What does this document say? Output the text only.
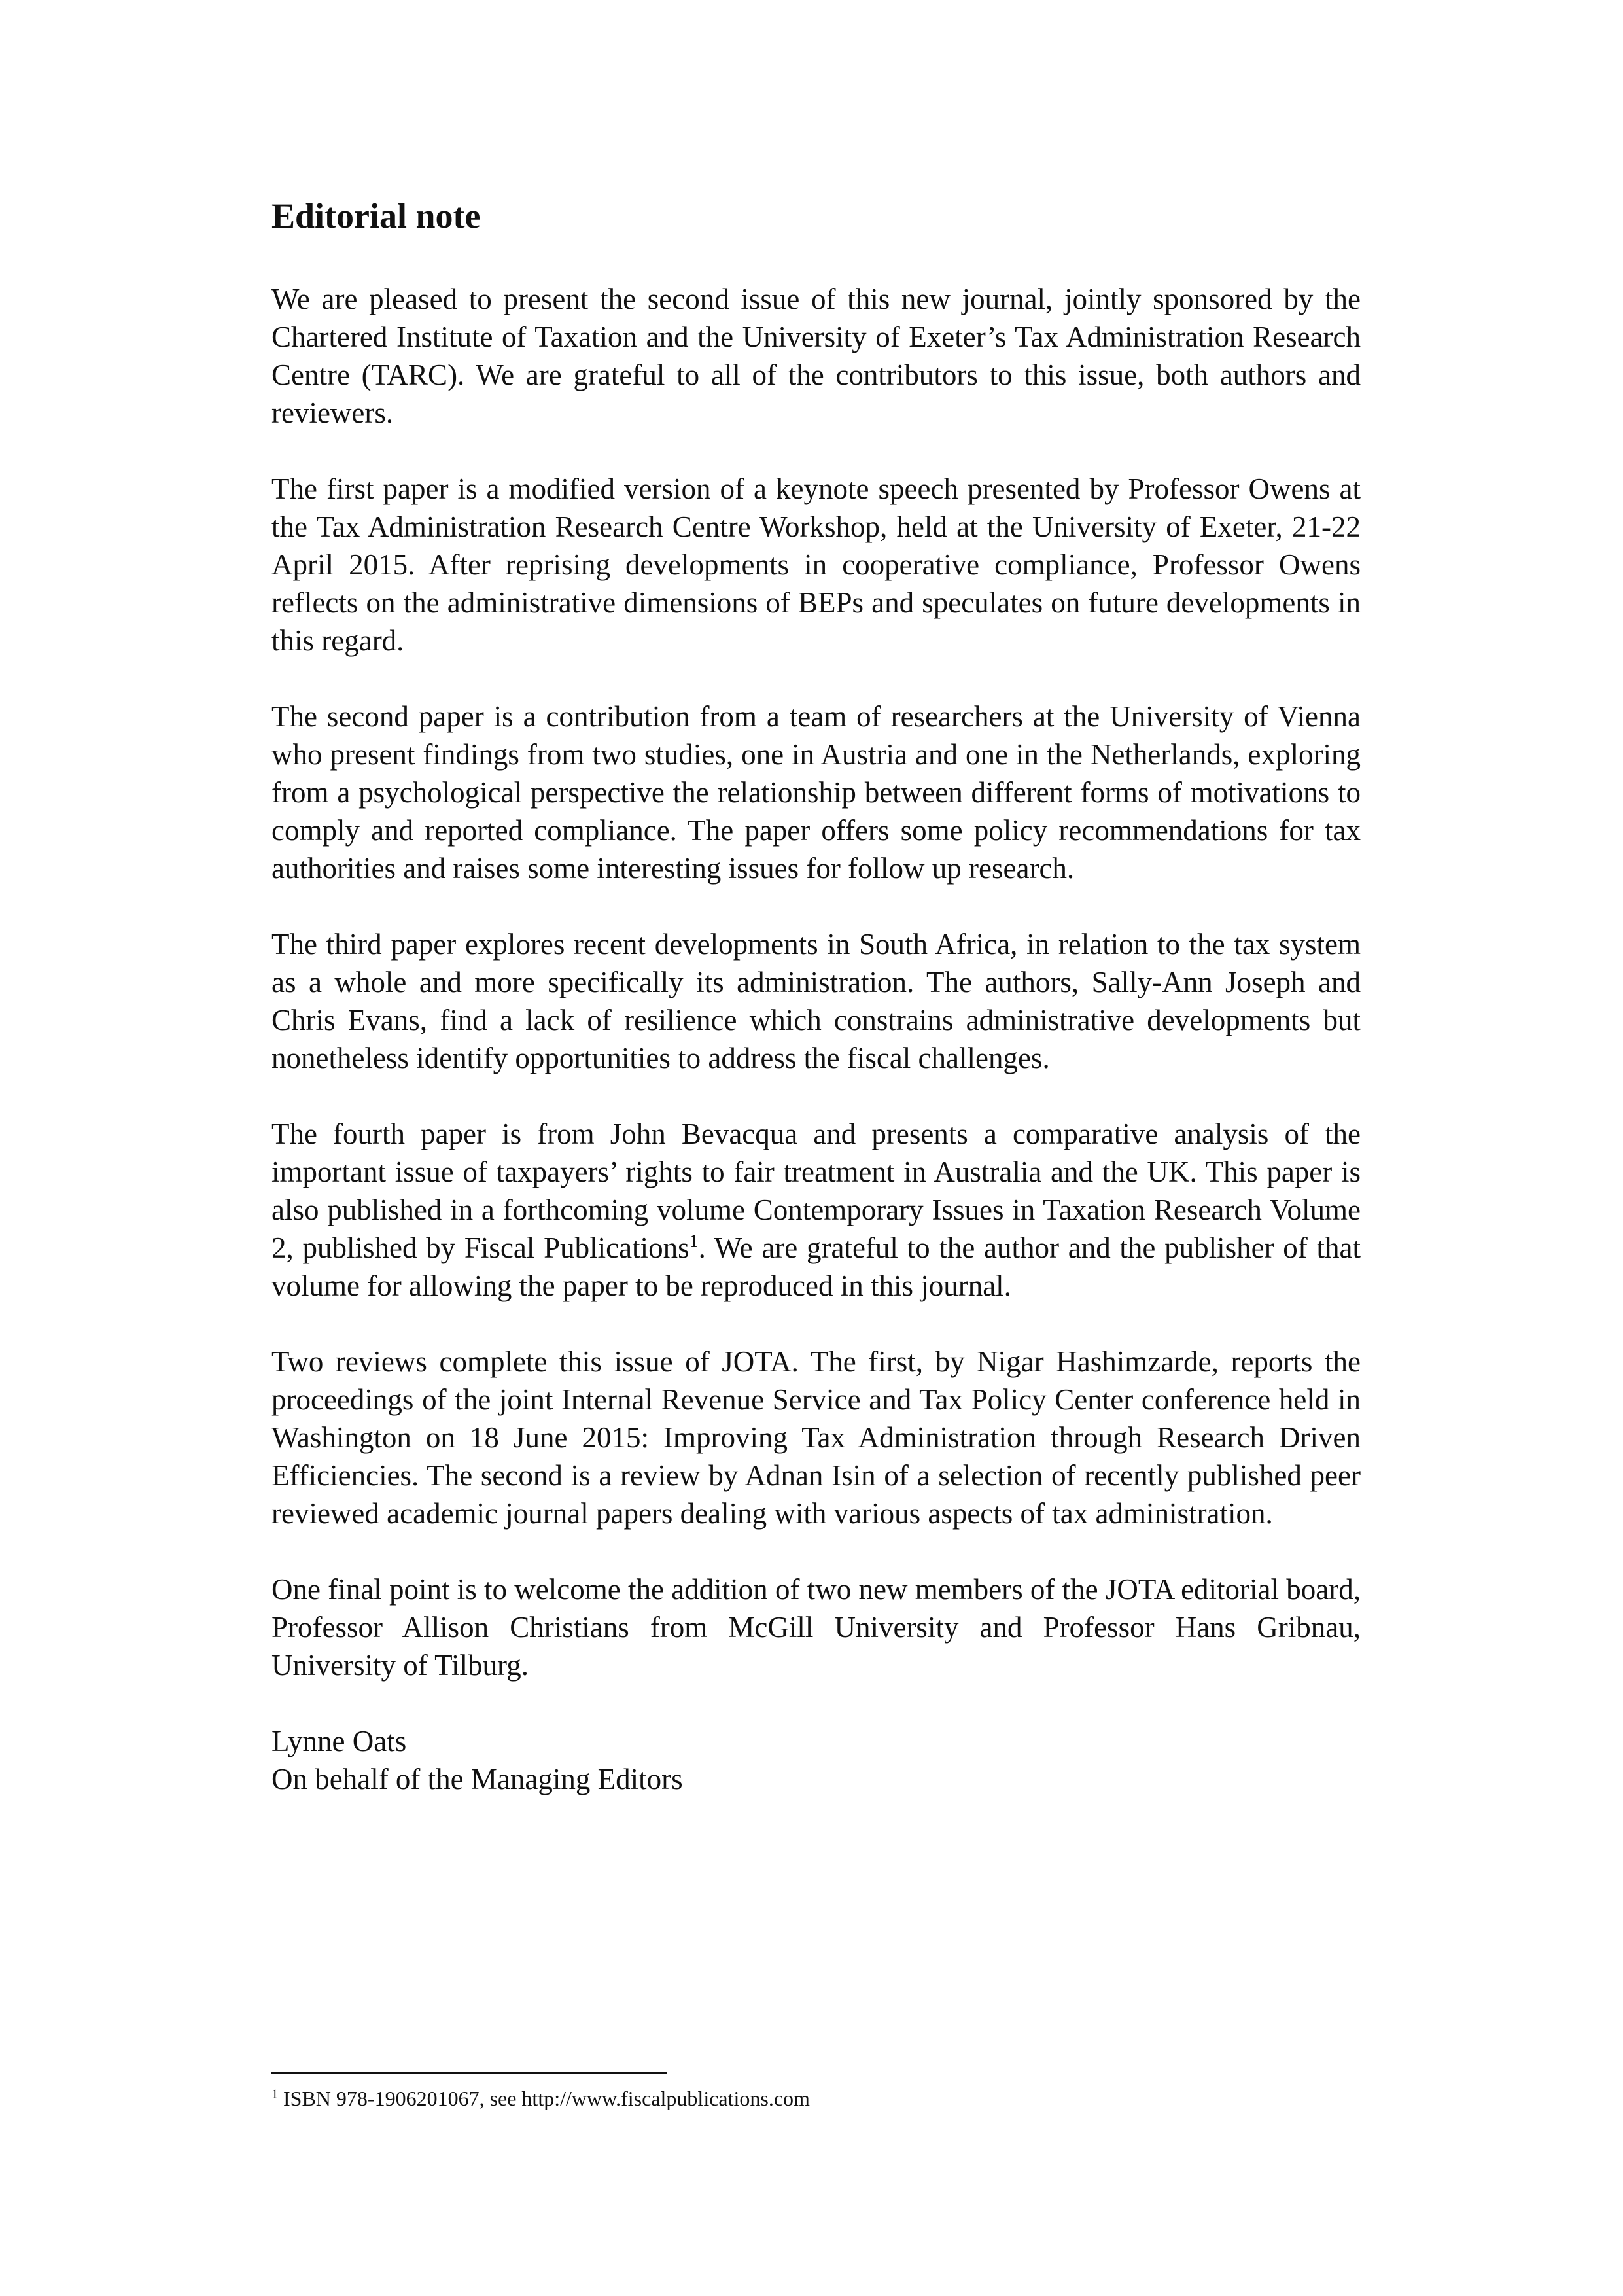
Editorial note

We are pleased to present the second issue of this new journal, jointly sponsored by the Chartered Institute of Taxation and the University of Exeter’s Tax Administration Research Centre (TARC). We are grateful to all of the contributors to this issue, both authors and reviewers.

The first paper is a modified version of a keynote speech presented by Professor Owens at the Tax Administration Research Centre Workshop, held at the University of Exeter, 21-22 April 2015. After reprising developments in cooperative compliance, Professor Owens reflects on the administrative dimensions of BEPs and speculates on future developments in this regard.

The second paper is a contribution from a team of researchers at the University of Vienna who present findings from two studies, one in Austria and one in the Netherlands, exploring from a psychological perspective the relationship between different forms of motivations to comply and reported compliance. The paper offers some policy recommendations for tax authorities and raises some interesting issues for follow up research.

The third paper explores recent developments in South Africa, in relation to the tax system as a whole and more specifically its administration. The authors, Sally-Ann Joseph and Chris Evans, find a lack of resilience which constrains administrative developments but nonetheless identify opportunities to address the fiscal challenges.

The fourth paper is from John Bevacqua and presents a comparative analysis of the important issue of taxpayers’ rights to fair treatment in Australia and the UK. This paper is also published in a forthcoming volume Contemporary Issues in Taxation Research Volume 2, published by Fiscal Publications$^1$. We are grateful to the author and the publisher of that volume for allowing the paper to be reproduced in this journal.

Two reviews complete this issue of JOTA. The first, by Nigar Hashimzarde, reports the proceedings of the joint Internal Revenue Service and Tax Policy Center conference held in Washington on 18 June 2015: Improving Tax Administration through Research Driven Efficiencies. The second is a review by Adnan Isin of a selection of recently published peer reviewed academic journal papers dealing with various aspects of tax administration.

One final point is to welcome the addition of two new members of the JOTA editorial board, Professor Allison Christians from McGill University and Professor Hans Gribnau, University of Tilburg.

Lynne Oats
On behalf of the Managing Editors

$^1$ ISBN 978-1906201067, see http://www.fiscalpublications.com
